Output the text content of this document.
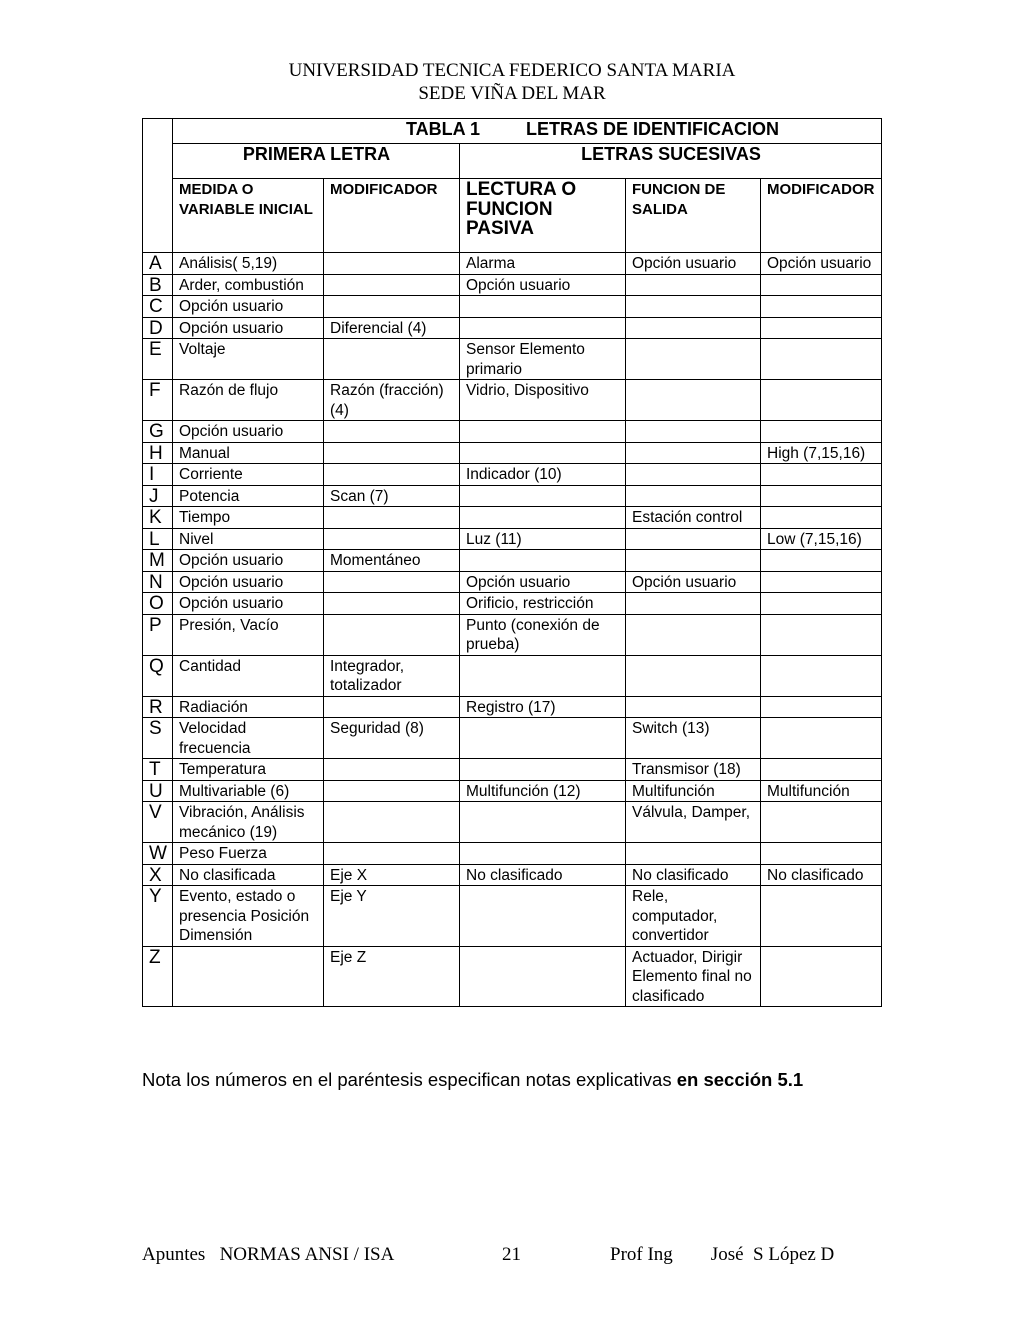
UNIVERSIDAD TECNICA FEDERICO SANTA MARIA
SEDE VIÑA DEL MAR
	TABLA 1 LETRAS DE IDENTIFICACION				
	PRIMERA LETRA		LETRAS SUCESIVAS		
	MEDIDA O VARIABLE INICIAL	MODIFICADOR	LECTURA O FUNCION PASIVA	FUNCION DE SALIDA	MODIFICADOR
A	Análisis( 5,19)		Alarma	Opción usuario	Opción usuario
B	Arder, combustión		Opción usuario		
C	Opción usuario				
D	Opción usuario	Diferencial (4)			
E	Voltaje		Sensor Elemento primario		
F	Razón de flujo	Razón (fracción) (4)	Vidrio, Dispositivo		
G	Opción usuario				
H	Manual				High (7,15,16)
I	Corriente		Indicador (10)		
J	Potencia	Scan (7)			
K	Tiempo			Estación control	
L	Nivel		Luz (11)		Low (7,15,16)
M	Opción usuario	Momentáneo			
N	Opción usuario		Opción usuario	Opción usuario	
O	Opción usuario		Orificio, restricción		
P	Presión, Vacío		Punto (conexión de prueba)		
Q	Cantidad	Integrador, totalizador			
R	Radiación		Registro (17)		
S	Velocidad frecuencia	Seguridad (8)		Switch (13)	
T	Temperatura			Transmisor (18)	
U	Multivariable (6)		Multifunción (12)	Multifunción	Multifunción
V	Vibración, Análisis mecánico (19)			Válvula, Damper,	
W	Peso Fuerza				
X	No clasificada	Eje X	No clasificado	No clasificado	No clasificado
Y	Evento, estado o presencia Posición Dimensión	Eje Y		Rele, computador, convertidor	
Z		Eje Z		Actuador, Dirigir Elemento final no clasificado	
Nota los números en el paréntesis especifican notas explicativas en sección 5.1
Apuntes   NORMAS ANSI / ISA	21	Prof Ing        José  S López D
